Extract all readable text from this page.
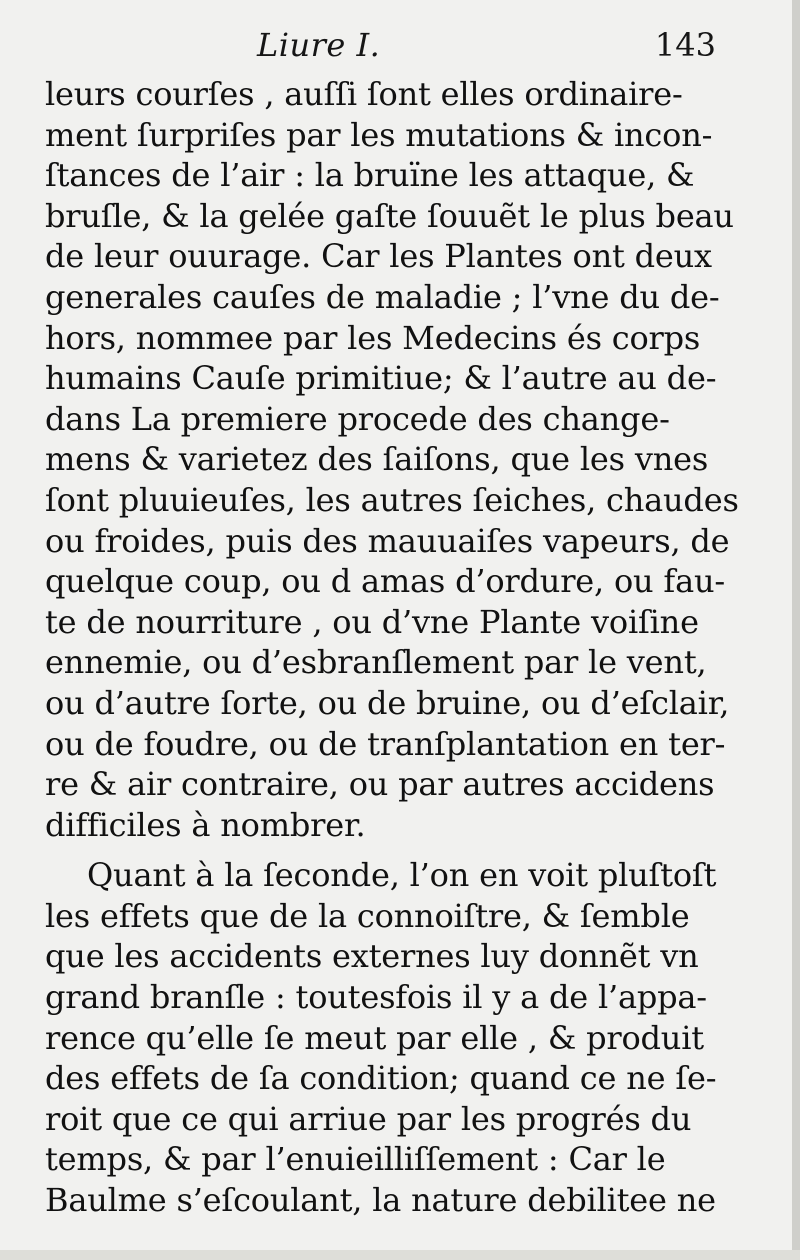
Liure I.	143
leurs courſes , auſſi ſont elles ordinaire-
ment ſurpriſes par les mutations & incon-
ſtances de l’air : la bruïne les attaque, &
bruſle, & la gelée gaſte ſouuẽt le plus beau
de leur ouurage. Car les Plantes ont deux
generales cauſes de maladie ; l’vne du de-
hors, nommee par les Medecins és corps
humains Cauſe primitiue; & l’autre au de-
dans La premiere procede des change-
mens & varietez des ſaiſons, que les vnes
ſont pluuieuſes, les autres ſeiches, chaudes
ou froides, puis des mauuaiſes vapeurs, de
quelque coup, ou d amas d’ordure, ou fau-
te de nourriture , ou d’vne Plante voiſine
ennemie, ou d’esbranſlement par le vent,
ou d’autre ſorte, ou de bruine, ou d’eſclair,
ou de foudre, ou de tranſplantation en ter-
re & air contraire, ou par autres accidens
difficiles à nombrer.
Quant à la ſeconde, l’on en voit pluſtoſt
les effets que de la connoiſtre, & ſemble
que les accidents externes luy donnẽt vn
grand branſle : toutesfois il y a de l’appa-
rence qu’elle ſe meut par elle , & produit
des effets de ſa condition; quand ce ne ſe-
roit que ce qui arriue par les progrés du
temps, & par l’enuieilliſſement : Car le
Baulme s’eſcoulant, la nature debilitee ne
